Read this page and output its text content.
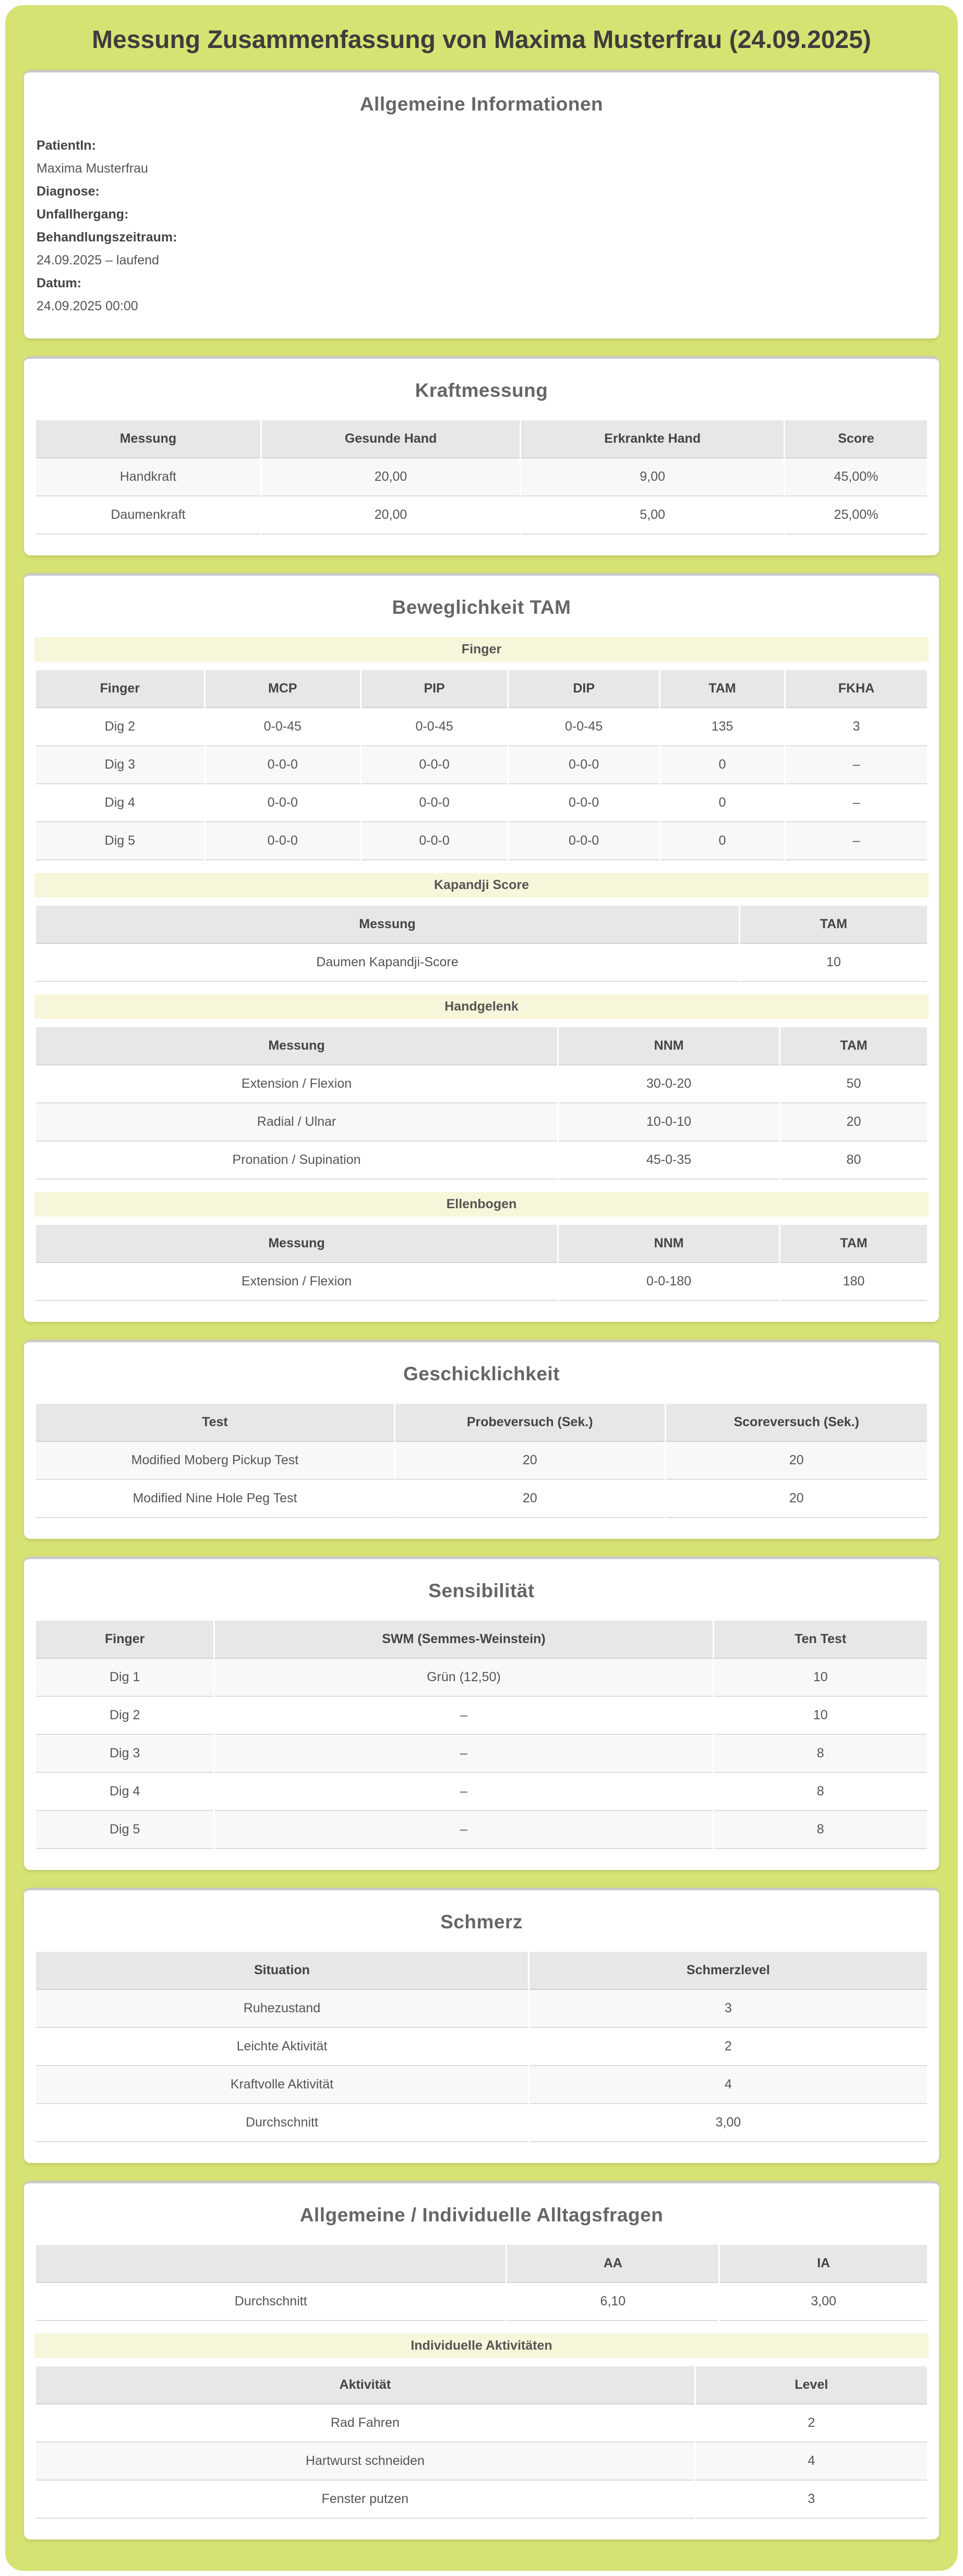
Messung Zusammenfassung von Maxima Musterfrau (24.09.2025)
Allgemeine Informationen
PatientIn:
Maxima Musterfrau
Diagnose:
Unfallhergang:
Behandlungszeitraum:
24.09.2025 – laufend
Datum:
24.09.2025 00:00
Kraftmessung
Messung	Gesunde Hand	Erkrankte Hand	Score
Handkraft	20,00	9,00	45,00%
Daumenkraft	20,00	5,00	25,00%
Beweglichkeit TAM
Finger
Finger	MCP	PIP	DIP	TAM	FKHA
Dig 2	0-0-45	0-0-45	0-0-45	135	3
Dig 3	0-0-0	0-0-0	0-0-0	0	–
Dig 4	0-0-0	0-0-0	0-0-0	0	–
Dig 5	0-0-0	0-0-0	0-0-0	0	–
Kapandji Score
Messung	TAM
Daumen Kapandji-Score	10
Handgelenk
Messung	NNM	TAM
Extension / Flexion	30-0-20	50
Radial / Ulnar	10-0-10	20
Pronation / Supination	45-0-35	80
Ellenbogen
Messung	NNM	TAM
Extension / Flexion	0-0-180	180
Geschicklichkeit
Test	Probeversuch (Sek.)	Scoreversuch (Sek.)
Modified Moberg Pickup Test	20	20
Modified Nine Hole Peg Test	20	20
Sensibilität
Finger	SWM (Semmes-Weinstein)	Ten Test
Dig 1	Grün (12,50)	10
Dig 2	–	10
Dig 3	–	8
Dig 4	–	8
Dig 5	–	8
Schmerz
Situation	Schmerzlevel
Ruhezustand	3
Leichte Aktivität	2
Kraftvolle Aktivität	4
Durchschnitt	3,00
Allgemeine / Individuelle Alltagsfragen
	AA	IA
Durchschnitt	6,10	3,00
Individuelle Aktivitäten
Aktivität	Level
Rad Fahren	2
Hartwurst schneiden	4
Fenster putzen	3
